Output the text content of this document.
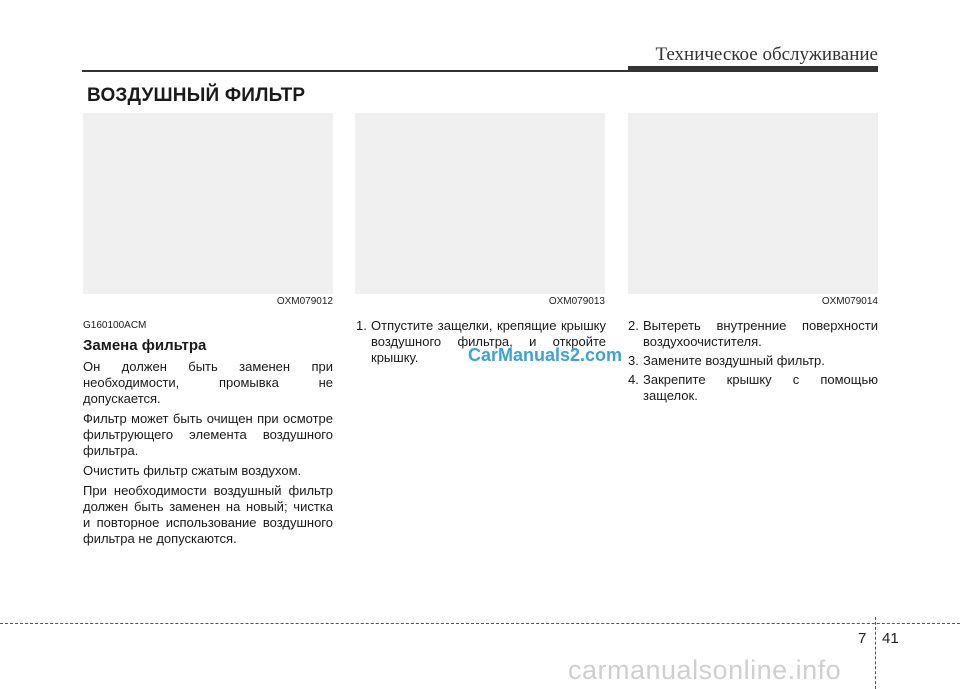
Техническое обслуживание
ВОЗДУШНЫЙ ФИЛЬТР
OXM079012	OXM079013	OXM079014
G160100ACM
Замена фильтра

Он должен быть заменен при необходимости, промывка не допускается.

Фильтр может быть очищен при осмотре фильтрующего элемента воздушного фильтра.

Очистить фильтр сжатым воздухом.

При необходимости воздушный фильтр должен быть заменен на новый; чистка и повторное использование воздушного фильтра не допускаются.

1. Отпустите защелки, крепящие крышку воздушного фильтра, и откройте крышку.
2. Вытереть внутренние поверхности воздухоочистителя.
3. Замените воздушный фильтр.
4. Закрепите крышку с помощью защелок.
CarManuals2.com
7 41
carmanualsonline.info
